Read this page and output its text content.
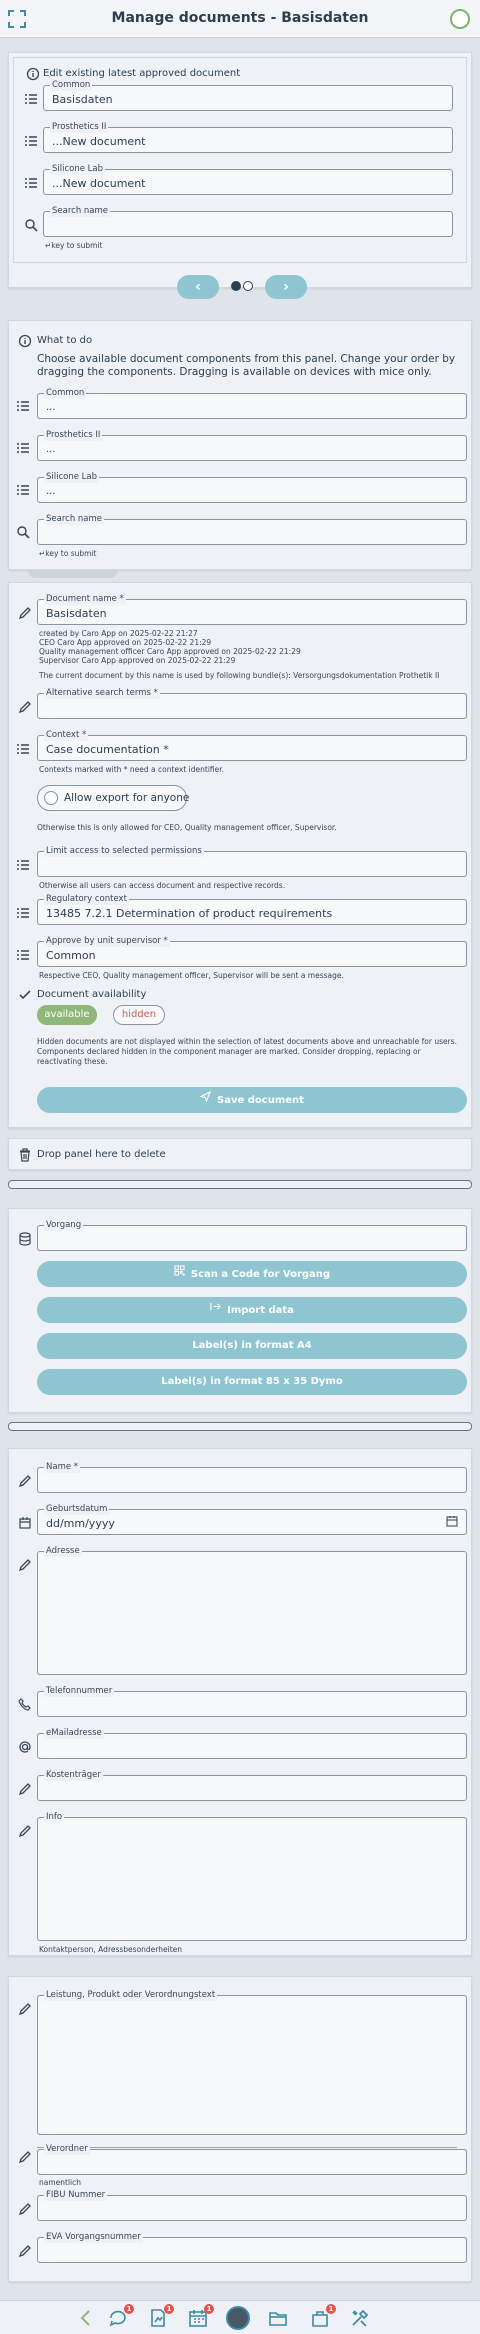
Manage documents - Basisdaten
Edit existing latest approved document
Common
Basisdaten
Prosthetics II
...New document
Silicone Lab
...New document
Search name
↵key to submit
‹	›
What to do
Choose available document components from this panel. Change your order by dragging the components. Dragging is available on devices with mice only.
Common
...
Prosthetics II
...
Silicone Lab
...
Search name
↵key to submit
Document name *
Basisdaten
created by Caro App on 2025-02-22 21:27
CEO Caro App approved on 2025-02-22 21:29
Quality management officer Caro App approved on 2025-02-22 21:29
Supervisor Caro App approved on 2025-02-22 21:29
The current document by this name is used by following bundle(s): Versorgungsdokumentation Prothetik II
Alternative search terms *
Context *
Case documentation *
Contexts marked with * need a context identifier.
Allow export for anyone
Otherwise this is only allowed for CEO, Quality management officer, Supervisor.
Limit access to selected permissions
Otherwise all users can access document and respective records.
Regulatory context
13485 7.2.1 Determination of product requirements
Approve by unit supervisor *
Common
Respective CEO, Quality management officer, Supervisor will be sent a message.
Document availability
available	hidden
Hidden documents are not displayed within the selection of latest documents above and unreachable for users. Components declared hidden in the component manager are marked. Consider dropping, replacing or reactivating these.
Save document
Drop panel here to delete
Vorgang
Scan a Code for Vorgang
Import data
Label(s) in format A4
Label(s) in format 85 x 35 Dymo
Name *
Geburtsdatum
dd/mm/yyyy
Adresse
Telefonnummer
eMailadresse
Kostenträger
Info
Kontaktperson, Adressbesonderheiten
Leistung, Produkt oder Verordnungstext
Verordner
namentlich
FIBU Nummer
EVA Vorgangsnummer
1	1	1	1
